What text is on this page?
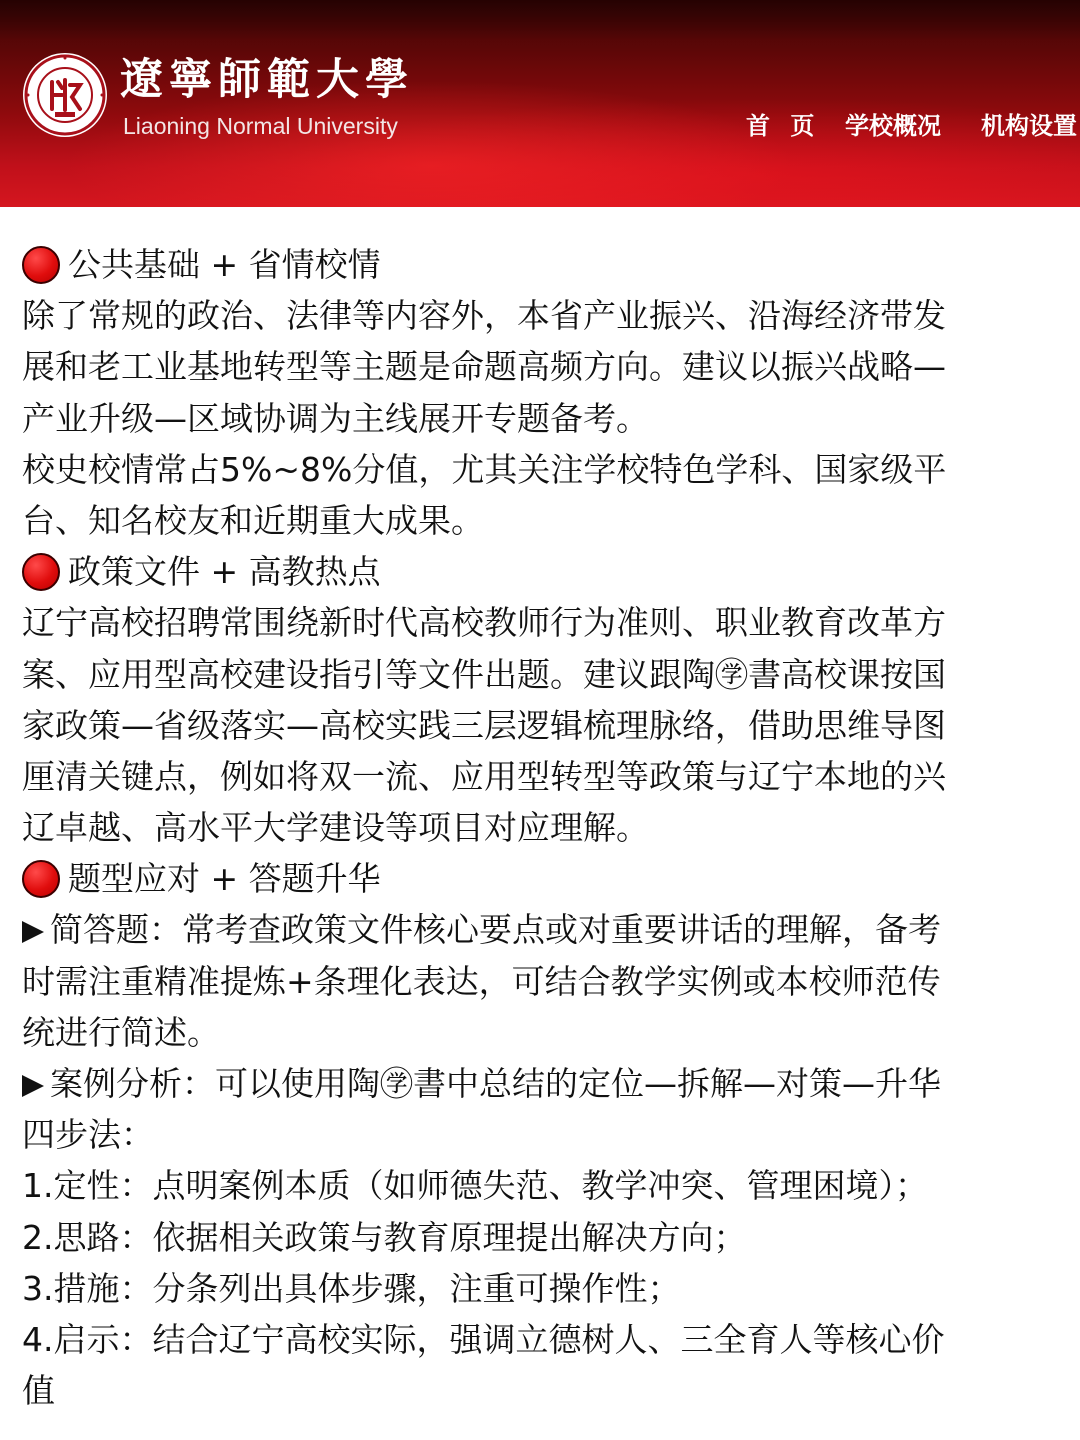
遼寧師範大學
Liaoning Normal University	首 页 学校概况 机构设置
公共基础 + 省情校情
除了常规的政治、法律等内容外，本省产业振兴、沿海经济带发
展和老工业基地转型等主题是命题高频方向。建议以振兴战略—
产业升级—区域协调为主线展开专题备考。
校史校情常占5%~8%分值，尤其关注学校特色学科、国家级平
台、知名校友和近期重大成果。
政策文件 + 高教热点
辽宁高校招聘常围绕新时代高校教师行为准则、职业教育改革方
案、应用型高校建设指引等文件出题。建议跟陶㊫書高校课按国
家政策—省级落实—高校实践三层逻辑梳理脉络，借助思维导图
厘清关键点，例如将双一流、应用型转型等政策与辽宁本地的兴
辽卓越、高水平大学建设等项目对应理解。
题型应对 + 答题升华
简答题：常考查政策文件核心要点或对重要讲话的理解，备考
时需注重精准提炼+条理化表达，可结合教学实例或本校师范传
统进行简述。
案例分析：可以使用陶㊫書中总结的定位—拆解—对策—升华
四步法：
1.定性：点明案例本质（如师德失范、教学冲突、管理困境）；
2.思路：依据相关政策与教育原理提出解决方向；
3.措施：分条列出具体步骤，注重可操作性；
4.启示：结合辽宁高校实际，强调立德树人、三全育人等核心价
值
